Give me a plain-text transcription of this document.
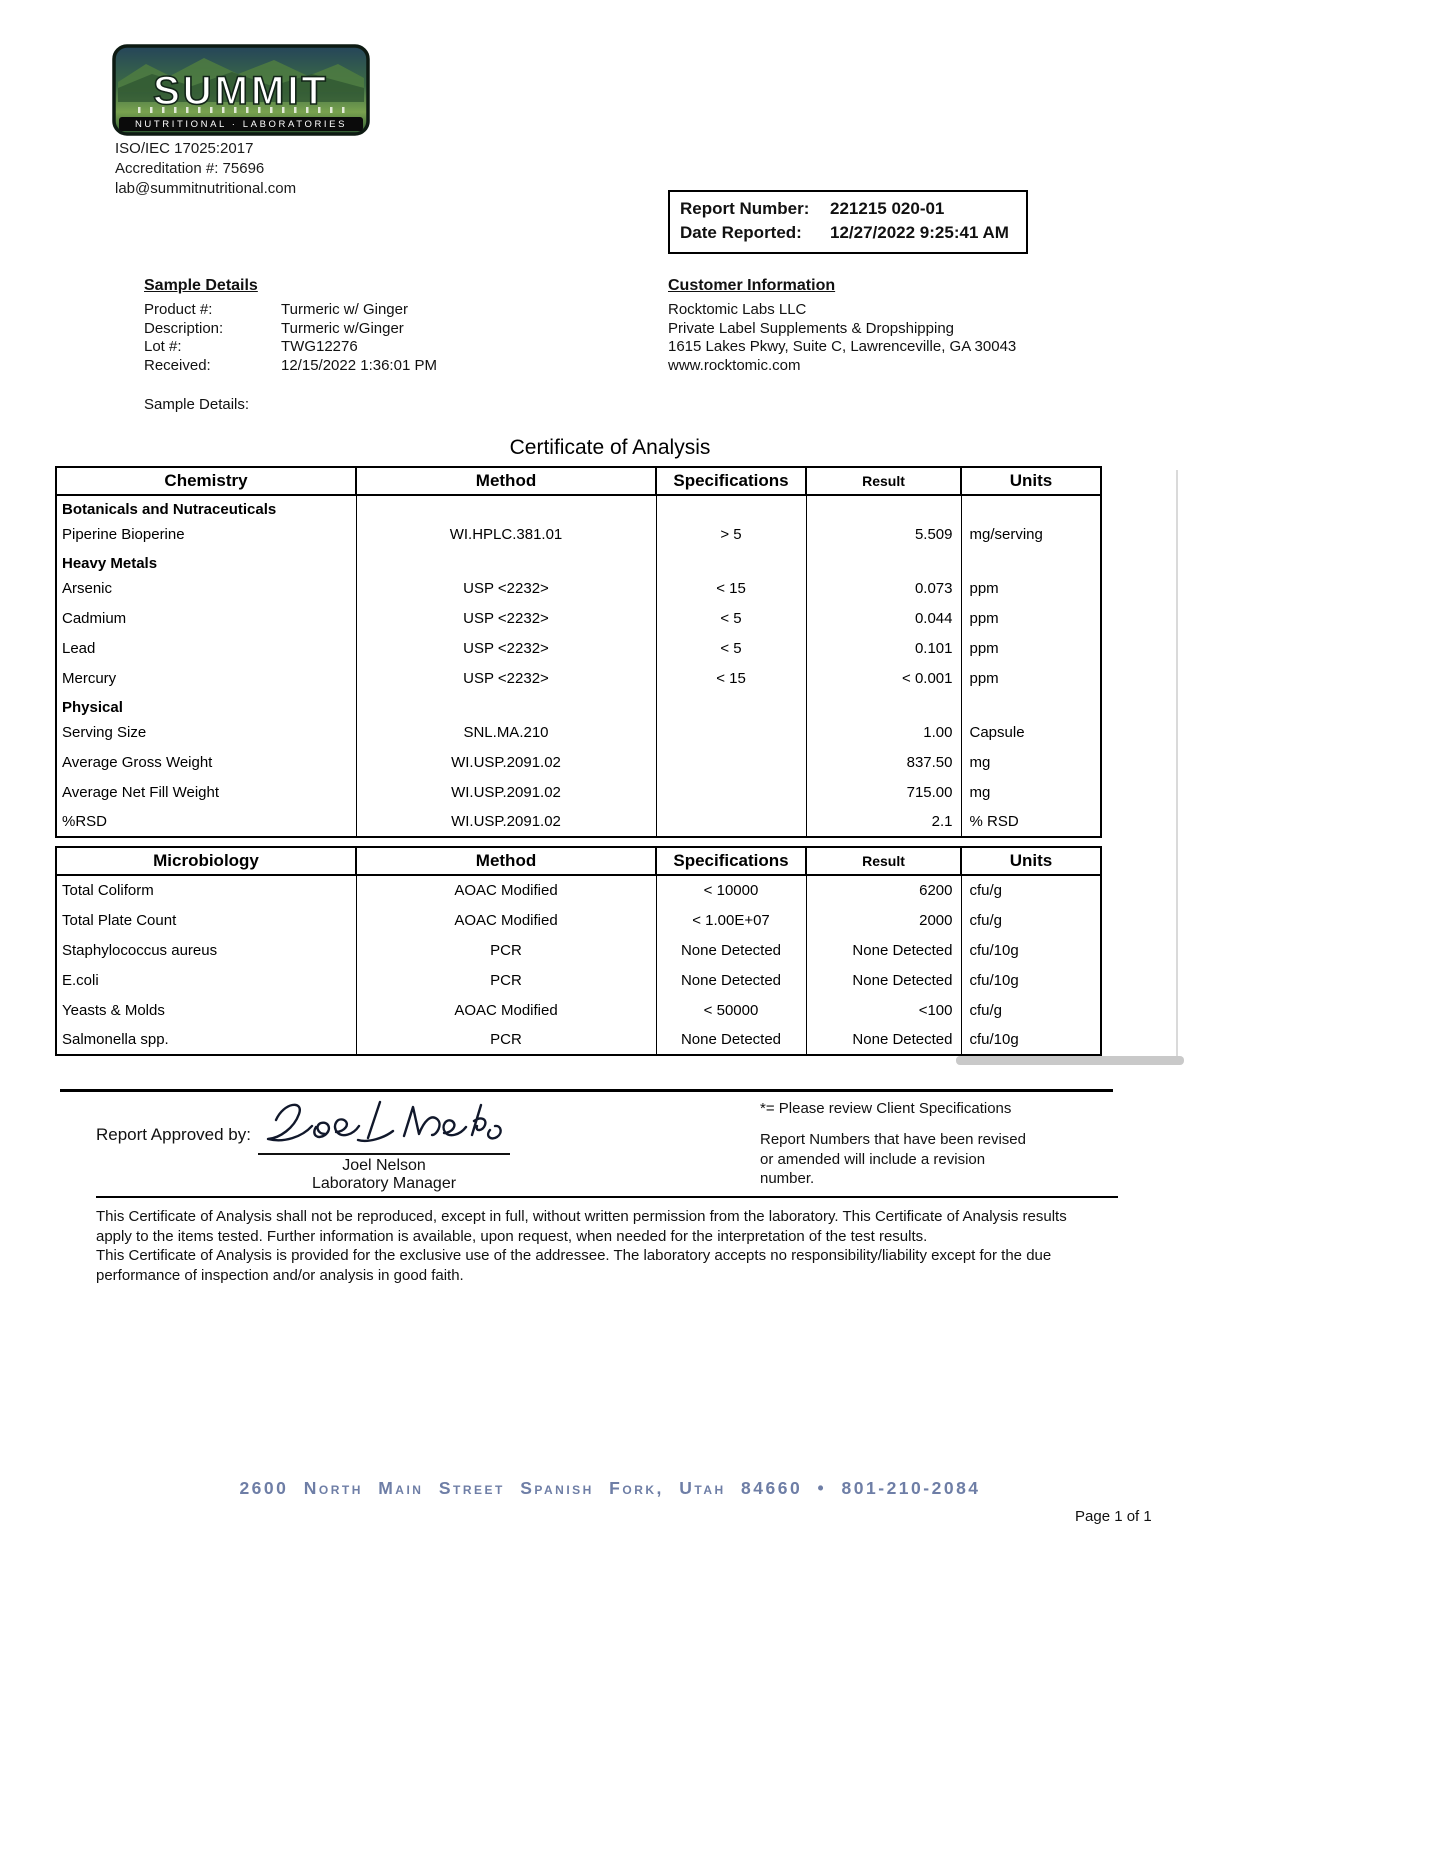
SUMMIT
NUTRITIONAL · LABORATORIES
ISO/IEC 17025:2017
Accreditation #: 75696
lab@summitnutritional.com
Report Number:	221215 020-01
Date Reported:	12/27/2022 9:25:41 AM
Sample Details
Product #:	Turmeric w/ Ginger
Description:	Turmeric w/Ginger
Lot #:	TWG12276
Received:	12/15/2022 1:36:01 PM
Sample Details:
Customer Information
Rocktomic Labs LLC
Private Label Supplements & Dropshipping
1615 Lakes Pkwy, Suite C, Lawrenceville, GA 30043
www.rocktomic.com
Certificate of Analysis
Chemistry	Method	Specifications	Result	Units
Botanicals and Nutraceuticals				
Piperine Bioperine	WI.HPLC.381.01	> 5	5.509	mg/serving
Heavy Metals				
Arsenic	USP <2232>	< 15	0.073	ppm
Cadmium	USP <2232>	< 5	0.044	ppm
Lead	USP <2232>	< 5	0.101	ppm
Mercury	USP <2232>	< 15	< 0.001	ppm
Physical				
Serving Size	SNL.MA.210		1.00	Capsule
Average Gross Weight	WI.USP.2091.02		837.50	mg
Average Net Fill Weight	WI.USP.2091.02		715.00	mg
%RSD	WI.USP.2091.02		2.1	% RSD
Microbiology	Method	Specifications	Result	Units
Total Coliform	AOAC Modified	< 10000	6200	cfu/g
Total Plate Count	AOAC Modified	< 1.00E+07	2000	cfu/g
Staphylococcus aureus	PCR	None Detected	None Detected	cfu/10g
E.coli	PCR	None Detected	None Detected	cfu/10g
Yeasts & Molds	AOAC Modified	< 50000	<100	cfu/g
Salmonella spp.	PCR	None Detected	None Detected	cfu/10g
Report Approved by:
Joel Nelson
Laboratory Manager
*= Please review Client Specifications
Report Numbers that have been revised or amended will include a revision number.
This Certificate of Analysis shall not be reproduced, except in full, without written permission from the laboratory. This Certificate of Analysis results apply to the items tested. Further information is available, upon request, when needed for the interpretation of the test results.
This Certificate of Analysis is provided for the exclusive use of the addressee. The laboratory accepts no responsibility/liability except for the due performance of inspection and/or analysis in good faith.
2600 North Main Street Spanish Fork, Utah 84660 • 801-210-2084
Page 1 of 1
